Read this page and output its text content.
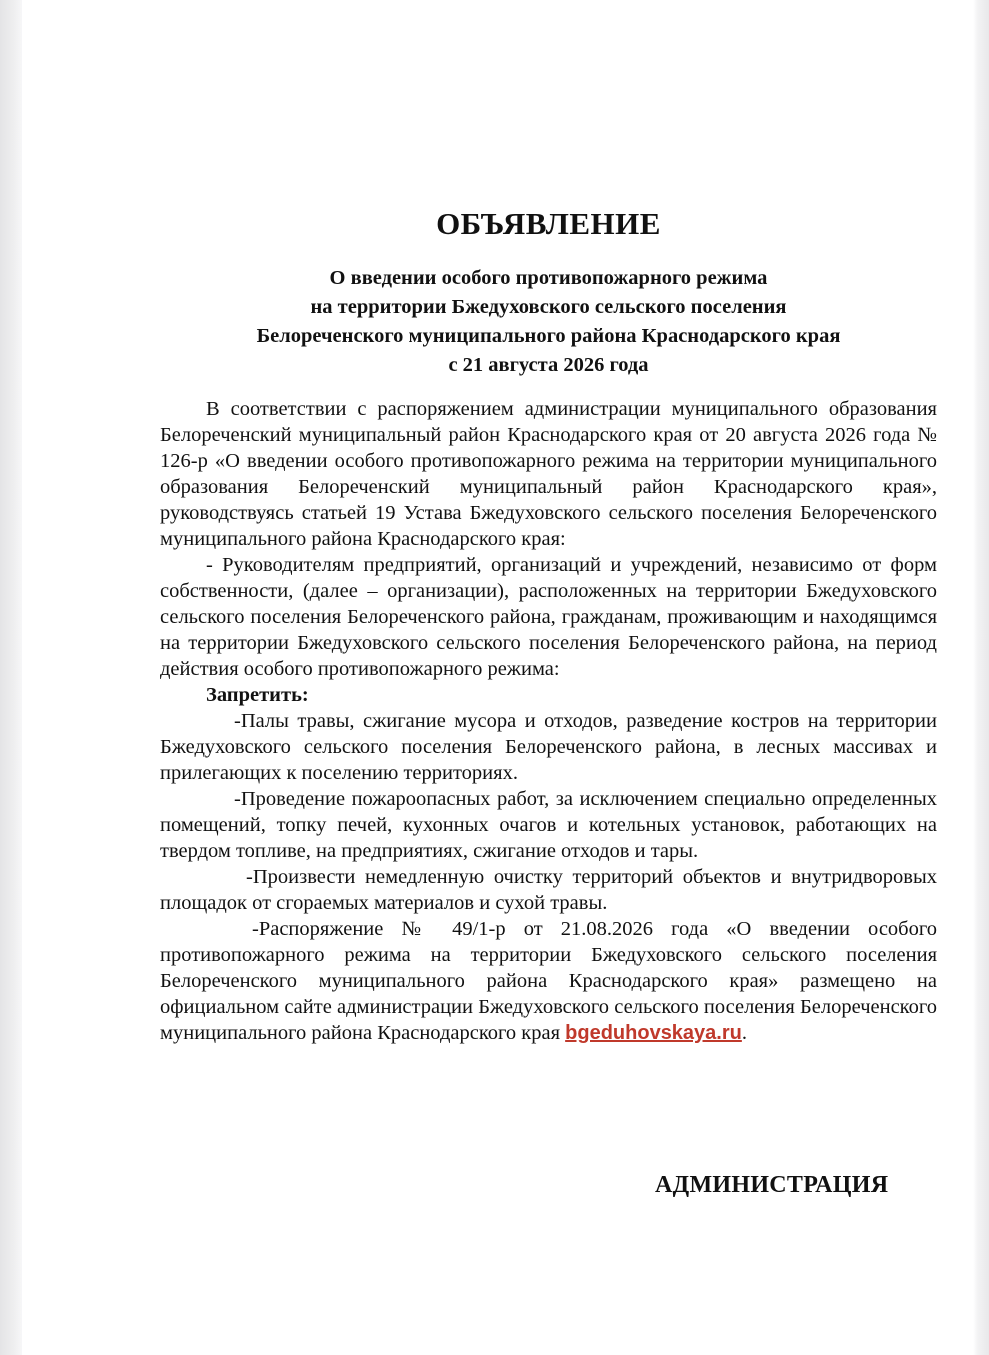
ОБЪЯВЛЕНИЕ
О введении особого противопожарного режима
на территории Бжедуховского сельского поселения
Белореченского муниципального района Краснодарского края
с 21 августа 2026 года

В соответствии с распоряжением администрации муниципального образования Белореченский муниципальный район Краснодарского края от 20 августа 2026 года № 126-р «О введении особого противопожарного режима на территории муниципального образования Белореченский муниципальный район Краснодарского края», руководствуясь статьей 19 Устава Бжедуховского сельского поселения Белореченского муниципального района Краснодарского края:

- Руководителям предприятий, организаций и учреждений, независимо от форм собственности, (далее – организации), расположенных на территории Бжедуховского сельского поселения Белореченского района, гражданам, проживающим и находящимся на территории Бжедуховского сельского поселения Белореченского района, на период действия особого противопожарного режима:

Запретить:

-Палы травы, сжигание мусора и отходов, разведение костров на территории Бжедуховского сельского поселения Белореченского района, в лесных массивах и прилегающих к поселению территориях.

-Проведение пожароопасных работ, за исключением специально определенных помещений, топку печей, кухонных очагов и котельных установок, работающих на твердом топливе, на предприятиях, сжигание отходов и тары.

-Произвести немедленную очистку территорий объектов и внутридворовых площадок от сгораемых материалов и сухой травы.

-Распоряжение № 49/1-р от 21.08.2026 года «О введении особого противопожарного режима на территории Бжедуховского сельского поселения Белореченского муниципального района Краснодарского края» размещено на официальном сайте администрации Бжедуховского сельского поселения Белореченского муниципального района Краснодарского края bgeduhovskaya.ru.

АДМИНИСТРАЦИЯ
